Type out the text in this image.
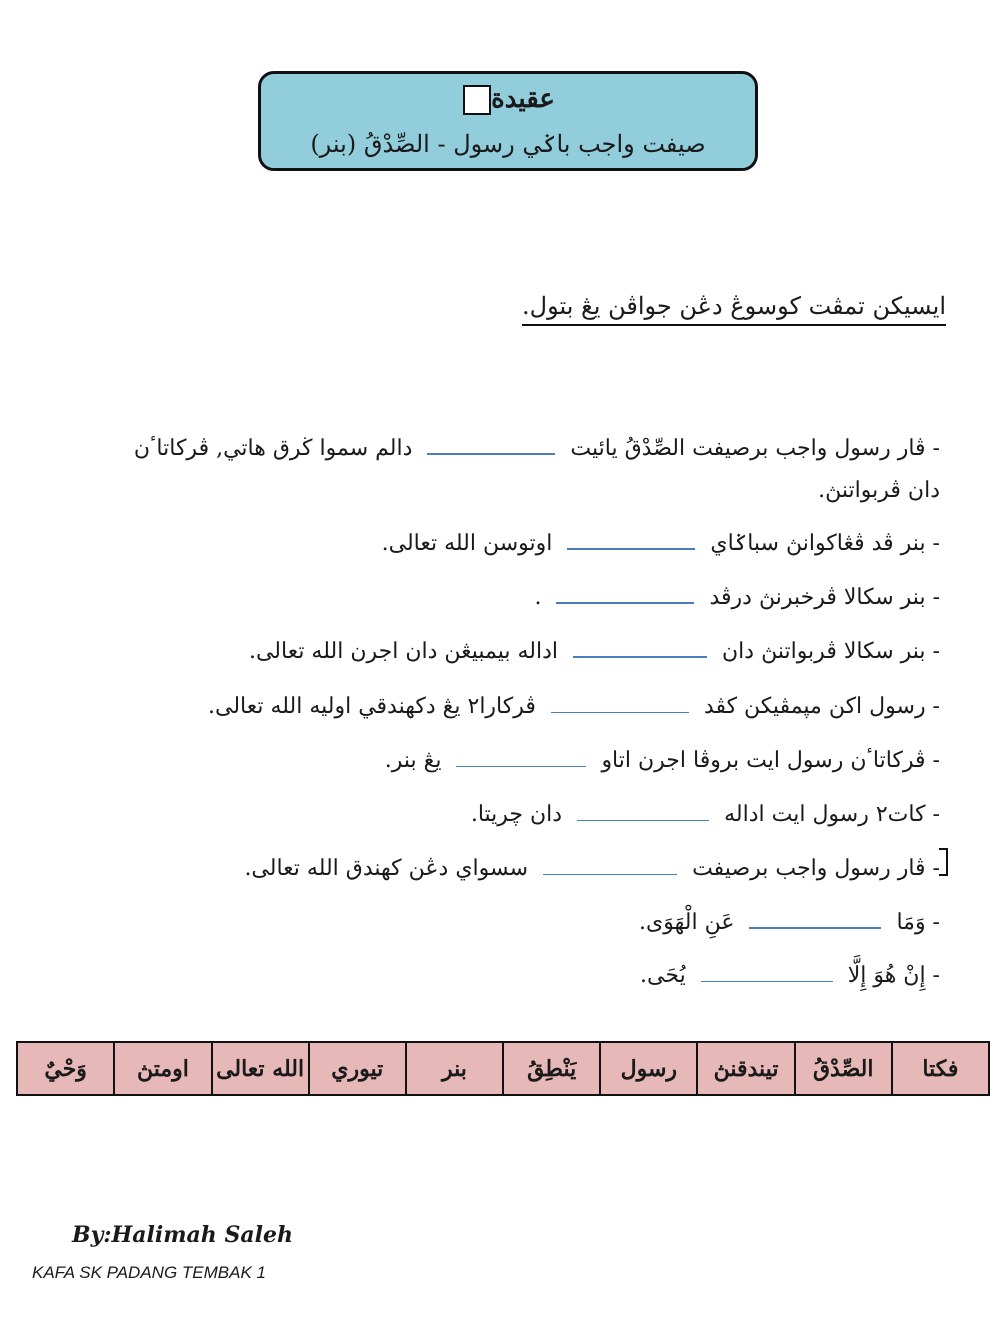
عقيدة
صيفت واجب باݢي رسول - الصِّدْقُ (بنر)
ايسيكن تمڤت كوسوڠ دڠن جواڤن يڠ بتول.
- ڤار رسول واجب برصيفت الصِّدْقُ يائيت  دالم سموا ڬرق هاتي, ڤرکاتاٴن دان ڤربواتنڽ.
- بنر ڤد ڤڠاکوانڽ سباݢاي  اوتوسن الله تعالى.
- بنر سکالا ڤرخبرنڽ درڤد  .
- بنر سکالا ڤربواتنڽ دان  اداله بيمبيڠن دان اجرن الله تعالى.
- رسول اکن مڽمڤيکن کڤد  ڤرکارا٢ يڠ دکهندقي اوليه الله تعالى.
- ڤرکاتاٴن رسول ايت بروڤا اجرن اتاو  يڠ بنر.
- کات٢ رسول ايت اداله  دان چريتا.
- ڤار رسول واجب برصيفت  سسواي دڠن کهندق الله تعالى.
- وَمَا  عَنِ الْهَوَى.
- إِنْ هُوَ إِلَّا  يُحَى.
فکتا	الصِّدْقُ	تيندقنڽ	رسول	يَنْطِقُ	بنر	تيوري	الله تعالى	اومتڽ	وَحْيٌ
By:Halimah Saleh
KAFA SK PADANG TEMBAK 1
